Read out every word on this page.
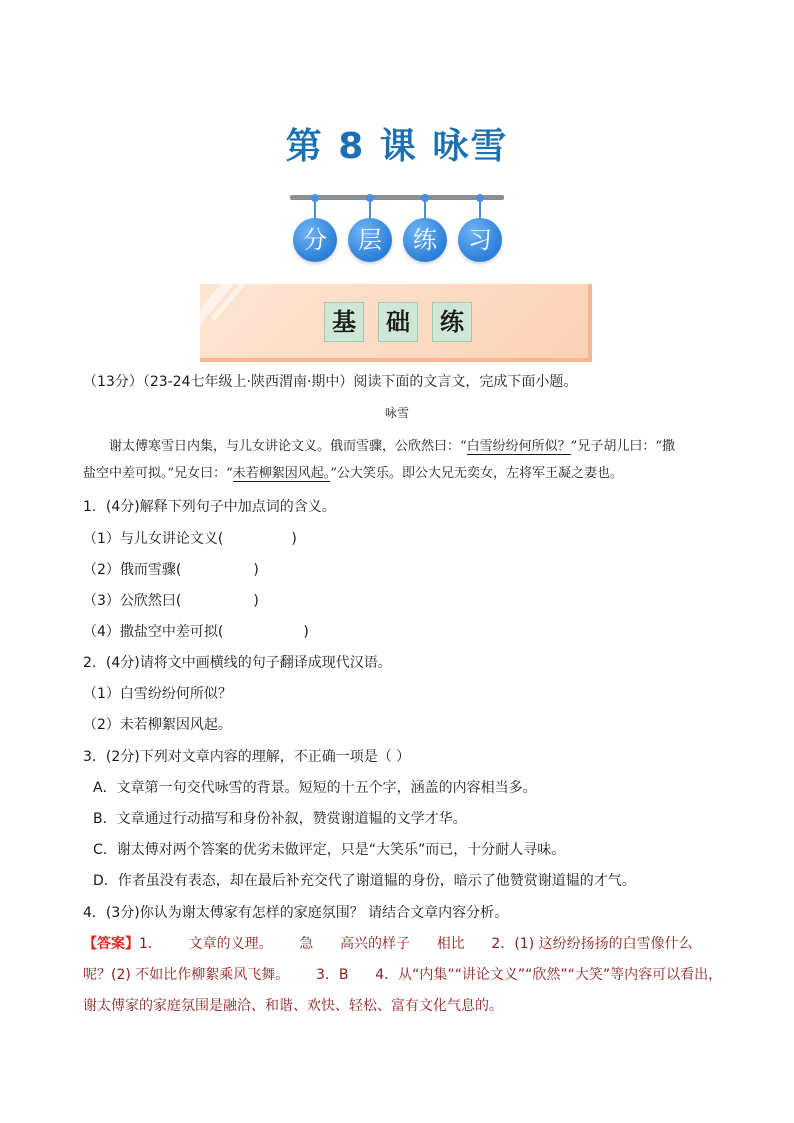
第 8 课 咏雪
分	层	练	习
基	础	练
（13分）（23-24七年级上·陕西渭南·期中）阅读下面的文言文，完成下面小题。
咏雪
谢太傅寒雪日内集，与儿女讲论文义。俄而雪骤，公欣然曰：“白雪纷纷何所似？”兄子胡儿曰：“撒
盐空中差可拟。”兄女曰：“未若柳絮因风起。”公大笑乐。即公大兄无奕女，左将军王凝之妻也。
1．(4分)解释下列句子中加点词的含义。
（1）与儿女讲论文义(	)
（2）俄而雪骤(	)
（3）公欣然曰(	)
（4）撒盐空中差可拟(	)
2．(4分)请将文中画横线的句子翻译成现代汉语。
（1）白雪纷纷何所似？
（2）未若柳絮因风起。
3．(2分)下列对文章内容的理解，不正确一项是（ ）
A．文章第一句交代咏雪的背景。短短的十五个字，涵盖的内容相当多。
B．文章通过行动描写和身份补叙，赞赏谢道韫的文学才华。
C．谢太傅对两个答案的优劣未做评定，只是“大笑乐”而已，十分耐人寻味。
D．作者虽没有表态，却在最后补充交代了谢道韫的身份，暗示了他赞赏谢道韫的才气。
4．(3分)你认为谢太傅家有怎样的家庭氛围？ 请结合文章内容分析。
【答案】1．      文章的义理。      急      高兴的样子      相比      2．(1) 这纷纷扬扬的白雪像什么
呢？(2) 不如比作柳絮乘风飞舞。      3．B      4．从“内集”“讲论文义”“欣然”“大笑”等内容可以看出，
谢太傅家的家庭氛围是融洽、和谐、欢快、轻松、富有文化气息的。
